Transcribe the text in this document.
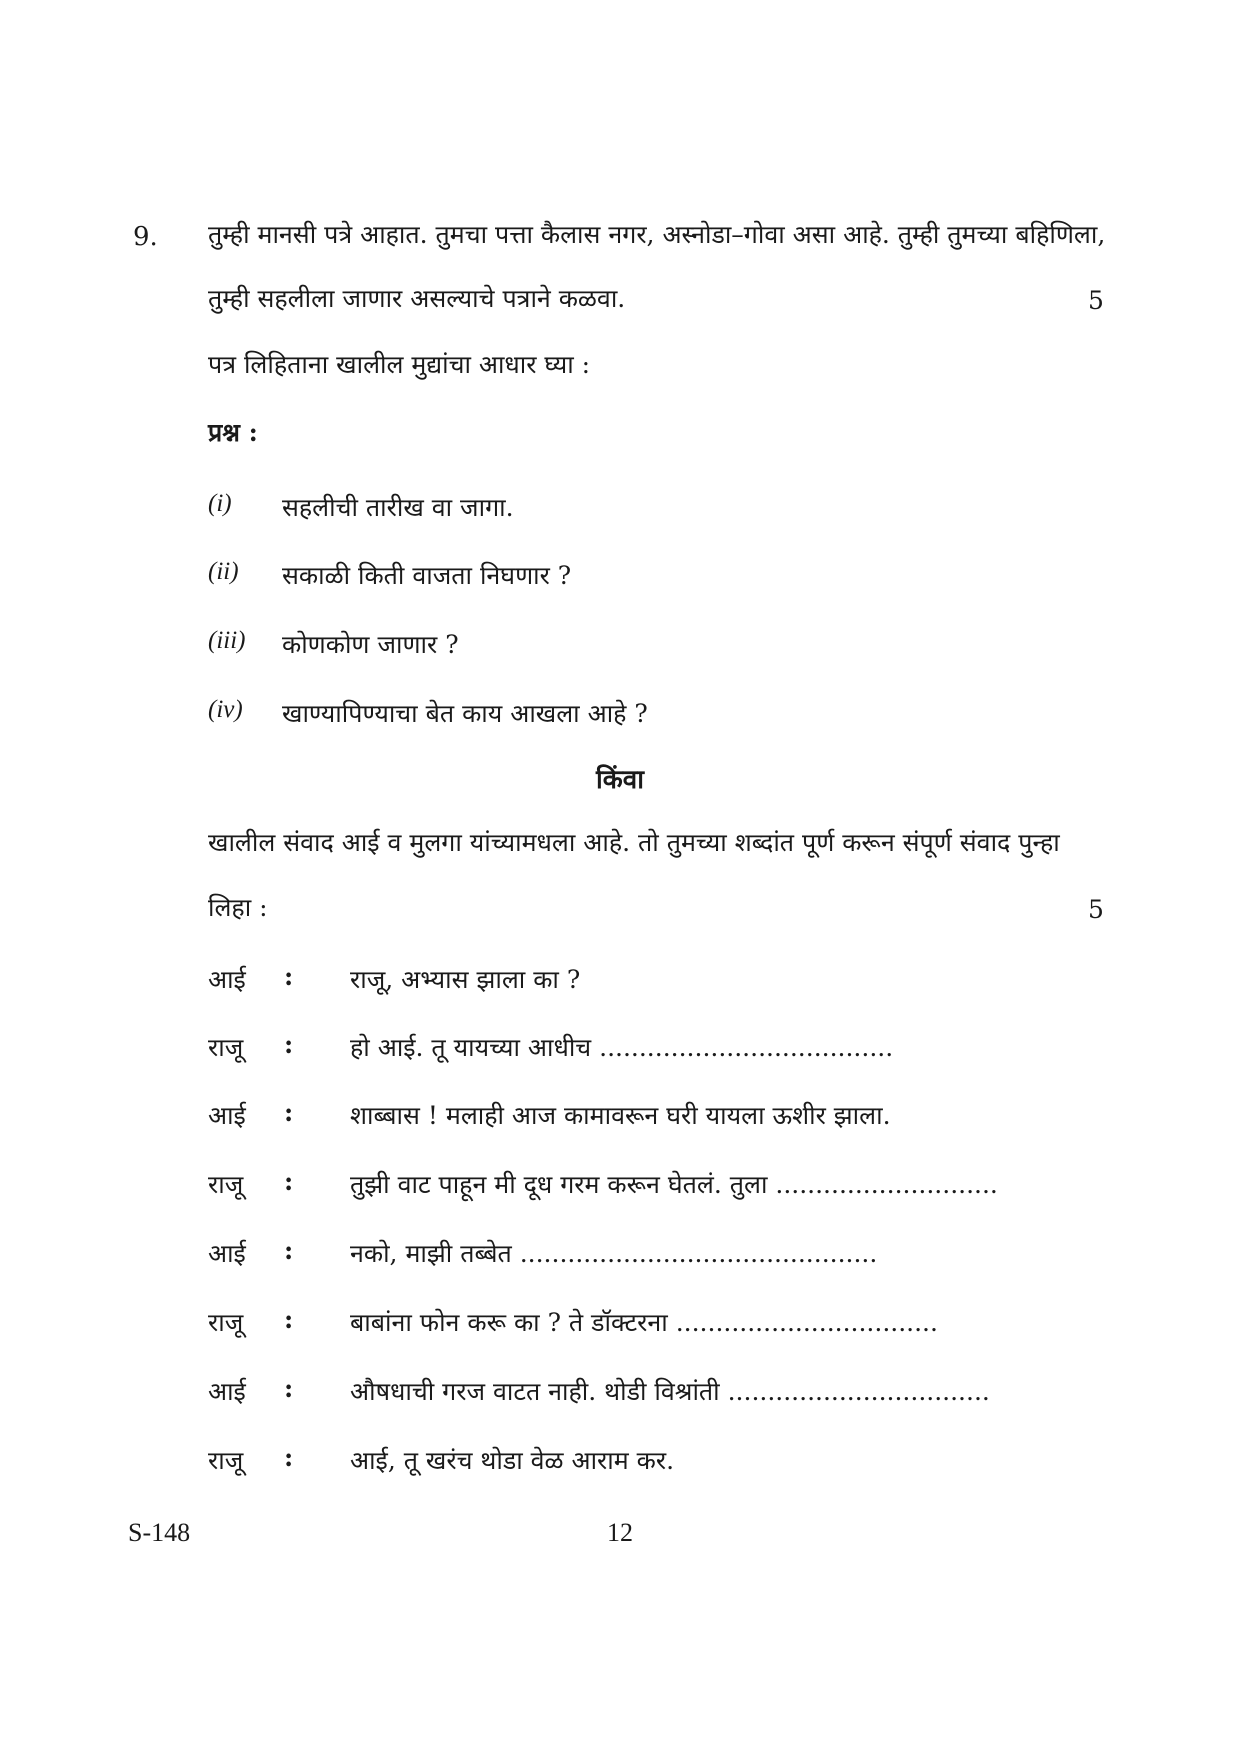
9. तुम्ही मानसी पत्रे आहात. तुमचा पत्ता कैलास नगर, अस्नोडा–गोवा असा आहे. तुम्ही तुमच्या बहिणिला,
तुम्ही सहलीला जाणार असल्याचे पत्राने कळवा.	5
पत्र लिहिताना खालील मुद्यांचा आधार घ्या :
प्रश्न :
(i) सहलीची तारीख वा जागा.
(ii) सकाळी किती वाजता निघणार ?
(iii) कोणकोण जाणार ?
(iv) खाण्यापिण्याचा बेत काय आखला आहे ?
किंवा
खालील संवाद आई व मुलगा यांच्यामधला आहे. तो तुमच्या शब्दांत पूर्ण करून संपूर्ण संवाद पुन्हा
लिहा :	5
आई : राजू, अभ्यास झाला का ?
राजू : हो आई. तू यायच्या आधीच .....................................
आई : शाब्बास ! मलाही आज कामावरून घरी यायला ऊशीर झाला.
राजू : तुझी वाट पाहून मी दूध गरम करून घेतलं. तुला ............................
आई : नको, माझी तब्बेत .............................................
राजू : बाबांना फोन करू का ? ते डॉक्टरना .................................
आई : औषधाची गरज वाटत नाही. थोडी विश्रांती .................................
राजू : आई, तू खरंच थोडा वेळ आराम कर.
S-148	12
